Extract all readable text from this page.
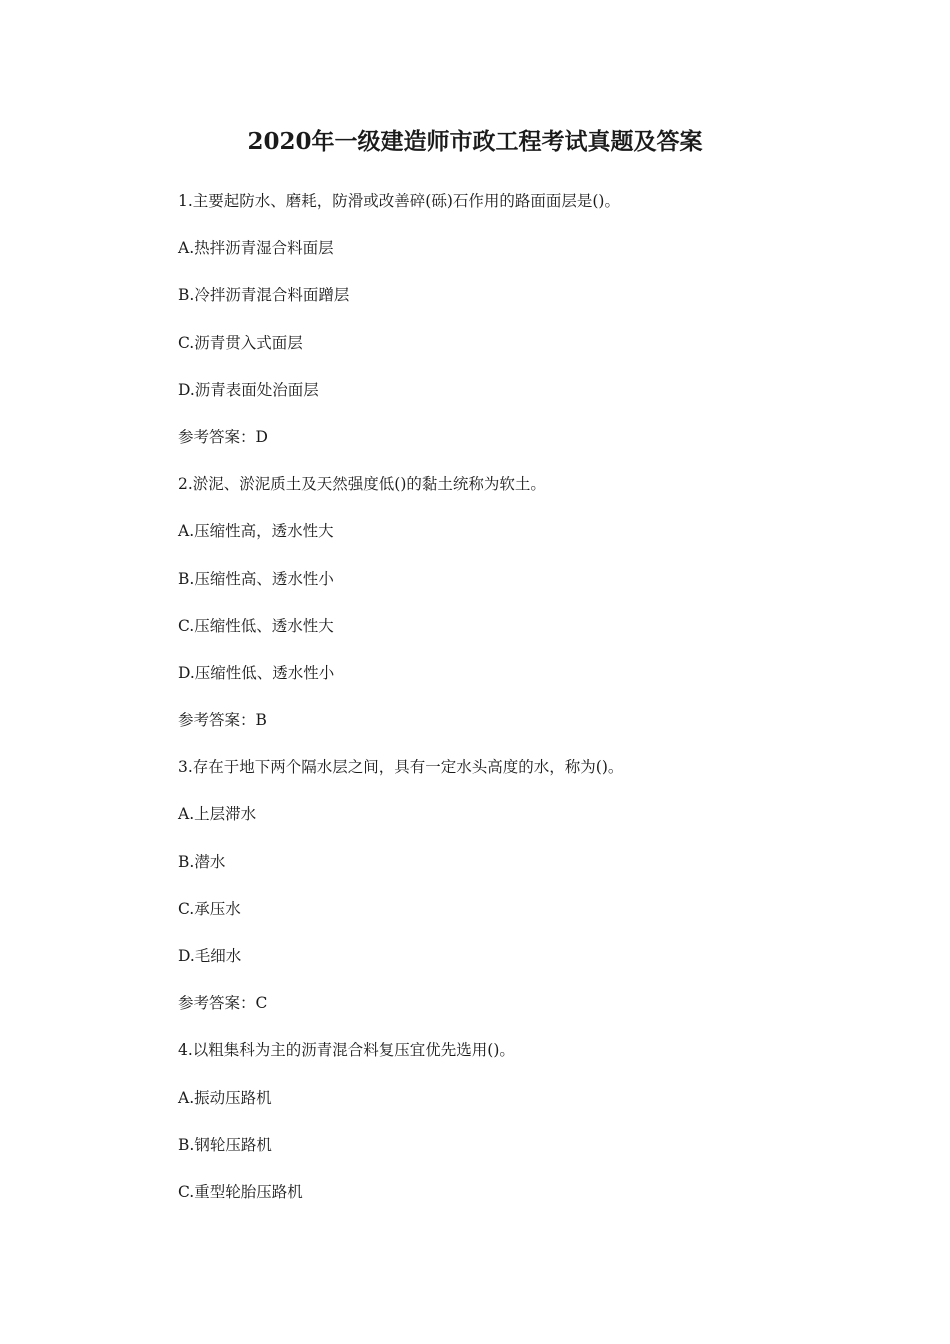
2020年一级建造师市政工程考试真题及答案
1.主要起防水、磨耗，防滑或改善碎(砾)石作用的路面面层是()。
A.热拌沥青湿合料面层
B.冷拌沥青混合料面蹭层
C.沥青贯入式面层
D.沥青表面处治面层
参考答案：D
2.淤泥、淤泥质土及天然强度低()的黏土统称为软土。
A.压缩性高，透水性大
B.压缩性高、透水性小
C.压缩性低、透水性大
D.压缩性低、透水性小
参考答案：B
3.存在于地下两个隔水层之间，具有一定水头高度的水，称为()。
A.上层滞水
B.潜水
C.承压水
D.毛细水
参考答案：C
4.以粗集科为主的沥青混合料复压宜优先选用()。
A.振动压路机
B.钢轮压路机
C.重型轮胎压路机
